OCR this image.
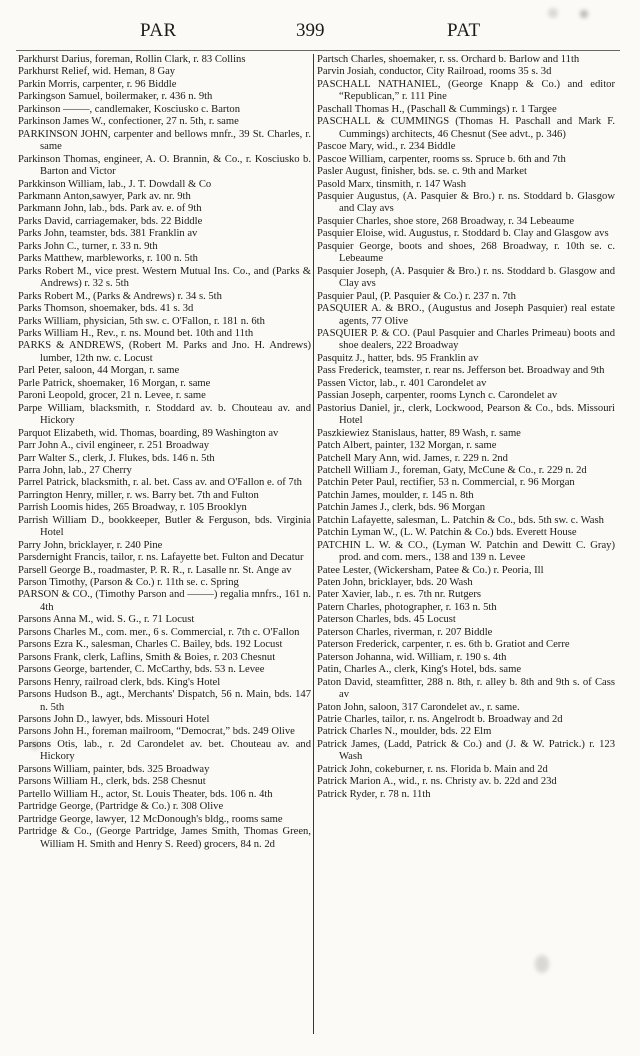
PAR	399	PAT
Parkhurst Darius, foreman, Rollin Clark, r. 83 Collins
Parkhurst Relief, wid. Heman, 8 Gay
Parkin Morris, carpenter, r. 96 Biddle
Parkingson Samuel, boilermaker, r. 436 n. 9th
Parkinson ——–, candlemaker, Kosciusko c. Barton
Parkinson James W., confectioner, 27 n. 5th, r. same
PARKINSON JOHN, carpenter and bellows mnfr., 39 St. Charles, r. same
Parkinson Thomas, engineer, A. O. Brannin, & Co., r. Kosciusko b. Barton and Victor
Parkkinson William, lab., J. T. Dowdall & Co
Parkmann Anton,sawyer, Park av. nr. 9th
Parkmann John, lab., bds. Park av. e. of 9th
Parks David, carriagemaker, bds. 22 Biddle
Parks John, teamster, bds. 381 Franklin av
Parks John C., turner, r. 33 n. 9th
Parks Matthew, marbleworks, r. 100 n. 5th
Parks Robert M., vice prest. Western Mutual Ins. Co., and (Parks & Andrews) r. 32 s. 5th
Parks Robert M., (Parks & Andrews) r. 34 s. 5th
Parks Thomson, shoemaker, bds. 41 s. 3d
Parks William, physician, 5th sw. c. O'Fallon, r. 181 n. 6th
Parks William H., Rev., r. ns. Mound bet. 10th and 11th
PARKS & ANDREWS, (Robert M. Parks and Jno. H. Andrews) lumber, 12th nw. c. Locust
Parl Peter, saloon, 44 Morgan, r. same
Parle Patrick, shoemaker, 16 Morgan, r. same
Paroni Leopold, grocer, 21 n. Levee, r. same
Parpe William, blacksmith, r. Stoddard av. b. Chouteau av. and Hickory
Parquot Elizabeth, wid. Thomas, boarding, 89 Washington av
Parr John A., civil engineer, r. 251 Broadway
Parr Walter S., clerk, J. Flukes, bds. 146 n. 5th
Parra John, lab., 27 Cherry
Parrel Patrick, blacksmith, r. al. bet. Cass av. and O'Fallon e. of 7th
Parrington Henry, miller, r. ws. Barry bet. 7th and Fulton
Parrish Loomis hides, 265 Broadway, r. 105 Brooklyn
Parrish William D., bookkeeper, Butler & Ferguson, bds. Virginia Hotel
Parry John, bricklayer, r. 240 Pine
Parsdernight Francis, tailor, r. ns. Lafayette bet. Fulton and Decatur
Parsell George B., roadmaster, P. R. R., r. Lasalle nr. St. Ange av
Parson Timothy, (Parson & Co.) r. 11th se. c. Spring
PARSON & CO., (Timothy Parson and ——–) regalia mnfrs., 161 n. 4th
Parsons Anna M., wid. S. G., r. 71 Locust
Parsons Charles M., com. mer., 6 s. Commercial, r. 7th c. O'Fallon
Parsons Ezra K., salesman, Charles C. Bailey, bds. 192 Locust
Parsons Frank, clerk, Laflins, Smith & Boies, r. 203 Chesnut
Parsons George, bartender, C. McCarthy, bds. 53 n. Levee
Parsons Henry, railroad clerk, bds. King's Hotel
Parsons Hudson B., agt., Merchants' Dispatch, 56 n. Main, bds. 147 n. 5th
Parsons John D., lawyer, bds. Missouri Hotel
Parsons John H., foreman mailroom, “Democrat,” bds. 249 Olive
Parsons Otis, lab., r. 2d Carondelet av. bet. Chouteau av. and Hickory
Parsons William, painter, bds. 325 Broadway
Parsons William H., clerk, bds. 258 Chesnut
Partello William H., actor, St. Louis Theater, bds. 106 n. 4th
Partridge George, (Partridge & Co.) r. 308 Olive
Partridge George, lawyer, 12 McDonough's bldg., rooms same
Partridge & Co., (George Partridge, James Smith, Thomas Green, William H. Smith and Henry S. Reed) grocers, 84 n. 2d
Partsch Charles, shoemaker, r. ss. Orchard b. Barlow and 11th
Parvin Josiah, conductor, City Railroad, rooms 35 s. 3d
PASCHALL NATHANIEL, (George Knapp & Co.) and editor “Republican,” r. 111 Pine
Paschall Thomas H., (Paschall & Cummings) r. 1 Targee
PASCHALL & CUMMINGS (Thomas H. Paschall and Mark F. Cummings) architects, 46 Chesnut (See advt., p. 346)
Pascoe Mary, wid., r. 234 Biddle
Pascoe William, carpenter, rooms ss. Spruce b. 6th and 7th
Pasler August, finisher, bds. se. c. 9th and Market
Pasold Marx, tinsmith, r. 147 Wash
Pasquier Augustus, (A. Pasquier & Bro.) r. ns. Stoddard b. Glasgow and Clay avs
Pasquier Charles, shoe store, 268 Broadway, r. 34 Lebeaume
Pasquier Eloise, wid. Augustus, r. Stoddard b. Clay and Glasgow avs
Pasquier George, boots and shoes, 268 Broadway, r. 10th se. c. Lebeaume
Pasquier Joseph, (A. Pasquier & Bro.) r. ns. Stoddard b. Glasgow and Clay avs
Pasquier Paul, (P. Pasquier & Co.) r. 237 n. 7th
PASQUIER A. & BRO., (Augustus and Joseph Pasquier) real estate agents, 77 Olive
PASQUIER P. & CO. (Paul Pasquier and Charles Primeau) boots and shoe dealers, 222 Broadway
Pasquitz J., hatter, bds. 95 Franklin av
Pass Frederick, teamster, r. rear ns. Jefferson bet. Broadway and 9th
Passen Victor, lab., r. 401 Carondelet av
Passian Joseph, carpenter, rooms Lynch c. Carondelet av
Pastorius Daniel, jr., clerk, Lockwood, Pearson & Co., bds. Missouri Hotel
Paszkiewiez Stanislaus, hatter, 89 Wash, r. same
Patch Albert, painter, 132 Morgan, r. same
Patchell Mary Ann, wid. James, r. 229 n. 2nd
Patchell William J., foreman, Gaty, McCune & Co., r. 229 n. 2d
Patchin Peter Paul, rectifier, 53 n. Commercial, r. 96 Morgan
Patchin James, moulder, r. 145 n. 8th
Patchin James J., clerk, bds. 96 Morgan
Patchin Lafayette, salesman, L. Patchin & Co., bds. 5th sw. c. Wash
Patchin Lyman W., (L. W. Patchin & Co.) bds. Everett House
PATCHIN L. W. & CO., (Lyman W. Patchin and Dewitt C. Gray) prod. and com. mers., 138 and 139 n. Levee
Patee Lester, (Wickersham, Patee & Co.) r. Peoria, Ill
Paten John, bricklayer, bds. 20 Wash
Pater Xavier, lab., r. es. 7th nr. Rutgers
Patern Charles, photographer, r. 163 n. 5th
Paterson Charles, bds. 45 Locust
Paterson Charles, riverman, r. 207 Biddle
Paterson Frederick, carpenter, r. es. 6th b. Gratiot and Cerre
Paterson Johanna, wid. William, r. 190 s. 4th
Patin, Charles A., clerk, King's Hotel, bds. same
Paton David, steamfitter, 288 n. 8th, r. alley b. 8th and 9th s. of Cass av
Paton John, saloon, 317 Carondelet av., r. same.
Patrie Charles, tailor, r. ns. Angelrodt b. Broadway and 2d
Patrick Charles N., moulder, bds. 22 Elm
Patrick James, (Ladd, Patrick & Co.) and (J. & W. Patrick.) r. 123 Wash
Patrick John, cokeburner, r. ns. Florida b. Main and 2d
Patrick Marion A., wid., r. ns. Christy av. b. 22d and 23d
Patrick Ryder, r. 78 n. 11th
